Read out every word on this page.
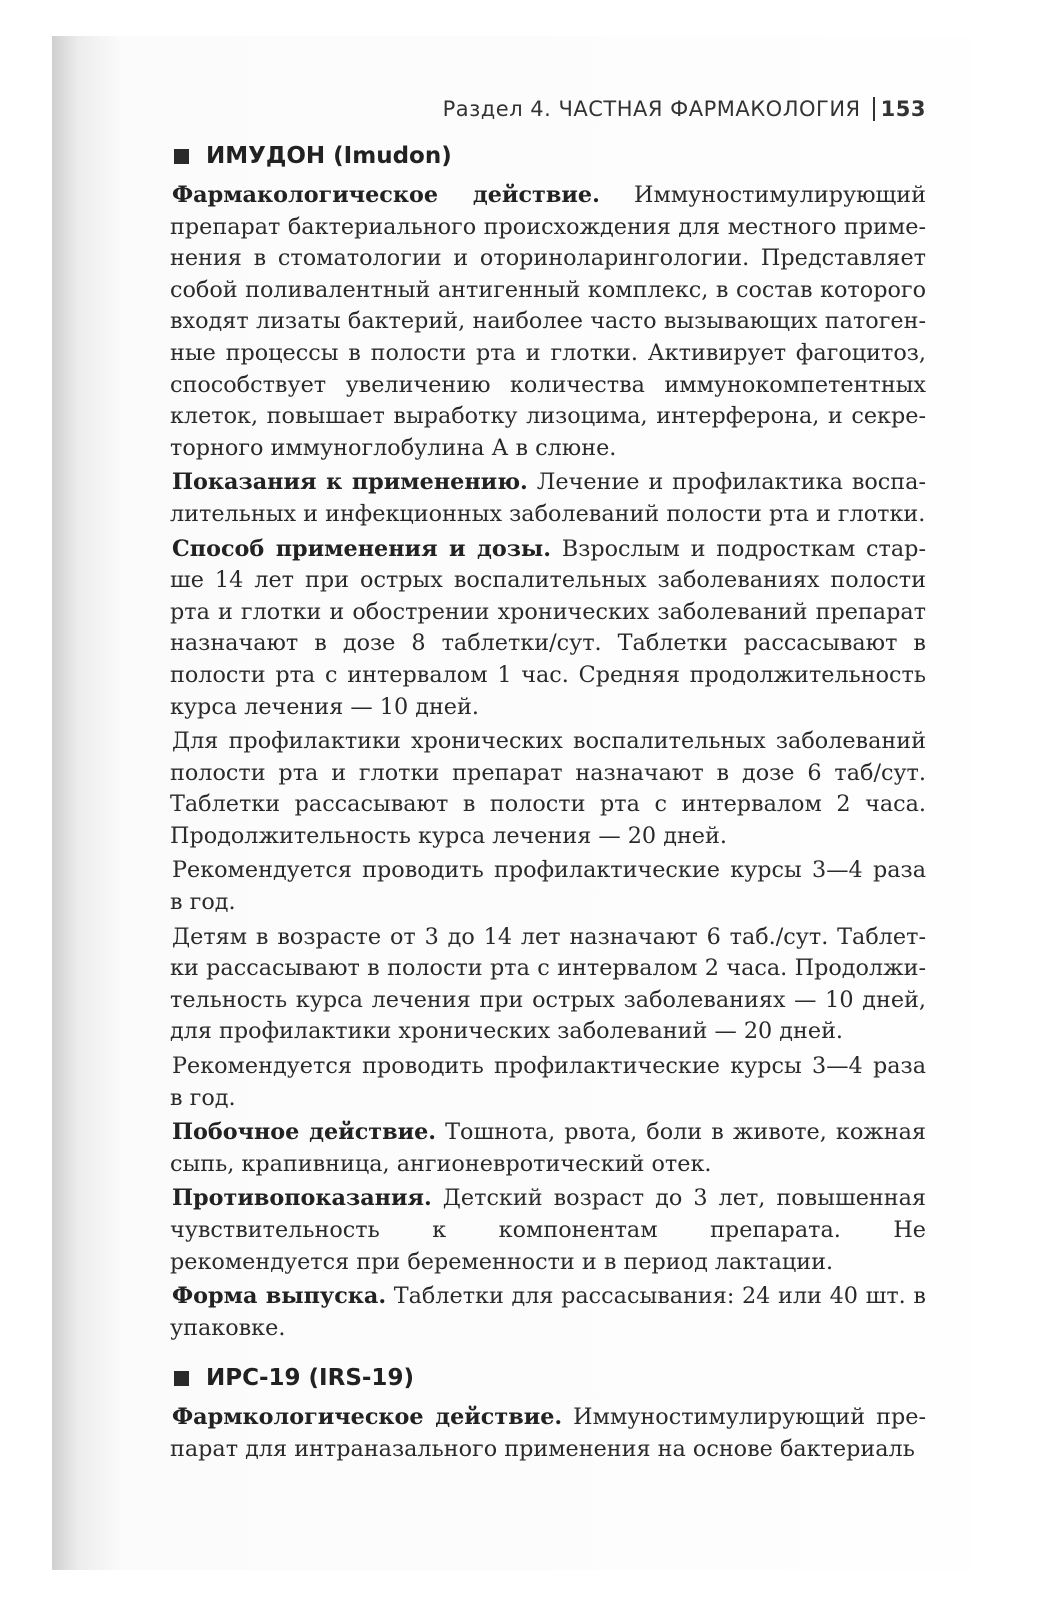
Раздел 4. ЧАСТНАЯ ФАРМАКОЛОГИЯ 153
ИМУДОН (Imudon)

Фармакологическое действие. Иммуностимулирующий препарат бактериального происхождения для местного применения в стоматологии и оториноларингологии. Представляет собой поливалентный антигенный комплекс, в состав которого входят лизаты бактерий, наиболее часто вызывающих патогенные процессы в полости рта и глотки. Активирует фагоцитоз, способствует увеличению количества иммунокомпетентных клеток, повышает выработку лизоцима, интерферона, и секреторного иммуноглобулина А в слюне.

Показания к применению. Лечение и профилактика воспалительных и инфекционных заболеваний полости рта и глотки.

Способ применения и дозы. Взрослым и подросткам старше 14 лет при острых воспалительных заболеваниях полости рта и глотки и обострении хронических заболеваний препарат назначают в дозе 8 таблетки/сут. Таблетки рассасывают в полости рта с интервалом 1 час. Средняя продолжительность курса лечения — 10 дней.

Для профилактики хронических воспалительных заболеваний полости рта и глотки препарат назначают в дозе 6 таб/сут. Таблетки рассасывают в полости рта с интервалом 2 часа. Продолжительность курса лечения — 20 дней.

Рекомендуется проводить профилактические курсы 3—4 раза в год.

Детям в возрасте от 3 до 14 лет назначают 6 таб./сут. Таблетки рассасывают в полости рта с интервалом 2 часа. Продолжительность курса лечения при острых заболеваниях — 10 дней, для профилактики хронических заболеваний — 20 дней.

Рекомендуется проводить профилактические курсы 3—4 раза в год.

Побочное действие. Тошнота, рвота, боли в животе, кожная сыпь, крапивница, ангионевротический отек.

Противопоказания. Детский возраст до 3 лет, повышенная чувствительность к компонентам препарата. Не рекомендуется при беременности и в период лактации.

Форма выпуска. Таблетки для рассасывания: 24 или 40 шт. в упаковке.

ИРС-19 (IRS-19)

Фармкологическое действие. Иммуностимулирующий препарат для интраназального применения на основе бактериаль
